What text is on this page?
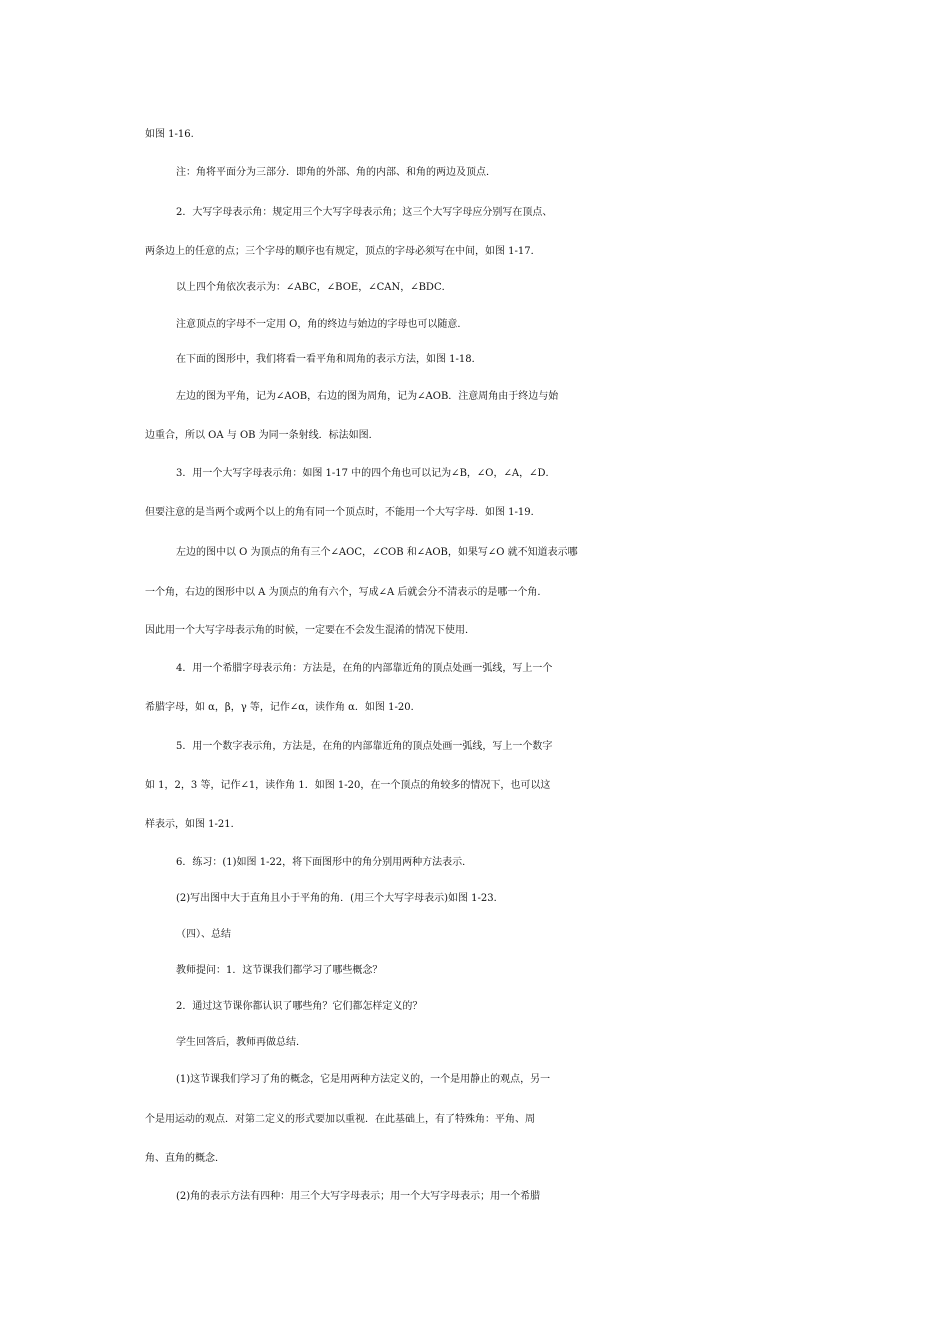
如图 1-16.
注：角将平面分为三部分．即角的外部、角的内部、和角的两边及顶点．
2．大写字母表示角：规定用三个大写字母表示角；这三个大写字母应分别写在顶点、
两条边上的任意的点；三个字母的顺序也有规定，顶点的字母必须写在中间，如图 1-17．
以上四个角依次表示为：∠ABC，∠BOE，∠CAN，∠BDC．
注意顶点的字母不一定用 O，角的终边与始边的字母也可以随意．
在下面的图形中，我们将看一看平角和周角的表示方法，如图 1-18．
左边的图为平角，记为∠AOB，右边的图为周角，记为∠AOB．注意周角由于终边与始
边重合，所以 OA 与 OB 为同一条射线．标法如图．
3．用一个大写字母表示角：如图 1-17 中的四个角也可以记为∠B，∠O，∠A，∠D．
但要注意的是当两个或两个以上的角有同一个顶点时，不能用一个大写字母．如图 1-19．
左边的图中以 O 为顶点的角有三个∠AOC，∠COB 和∠AOB，如果写∠O 就不知道表示哪
一个角，右边的图形中以 A 为顶点的角有六个，写成∠A 后就会分不清表示的是哪一个角．
因此用一个大写字母表示角的时候，一定要在不会发生混淆的情况下使用．
4．用一个希腊字母表示角：方法是，在角的内部靠近角的顶点处画一弧线，写上一个
希腊字母，如 α，β，γ 等，记作∠α，读作角 α．如图 1-20．
5．用一个数字表示角，方法是，在角的内部靠近角的顶点处画一弧线，写上一个数字
如 1，2，3 等，记作∠1，读作角 1．如图 1-20，在一个顶点的角较多的情况下，也可以这
样表示，如图 1-21．
6．练习：(1)如图 1-22，将下面图形中的角分别用两种方法表示．
(2)写出图中大于直角且小于平角的角．(用三个大写字母表示)如图 1-23．
（四）、总结
教师提问：1．这节课我们都学习了哪些概念？
2．通过这节课你都认识了哪些角？它们都怎样定义的？
学生回答后，教师再做总结．
(1)这节课我们学习了角的概念，它是用两种方法定义的，一个是用静止的观点，另一
个是用运动的观点．对第二定义的形式要加以重视．在此基础上，有了特殊角：平角、周
角、直角的概念．
(2)角的表示方法有四种：用三个大写字母表示；用一个大写字母表示；用一个希腊
